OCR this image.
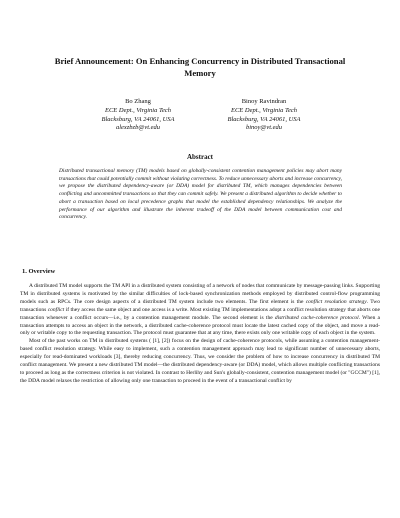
Brief Announcement: On Enhancing Concurrency in Distributed Transactional Memory
Bo Zhang
ECE Dept., Virginia Tech
Blacksburg, VA 24061, USA
alexzbzb@vt.edu
Binoy Ravindran
ECE Dept., Virginia Tech
Blacksburg, VA 24061, USA
binoy@vt.edu
Abstract
Distributed transactional memory (TM) models based on globally-consistent contention management policies may abort many transactions that could potentially commit without violating correctness. To reduce unnecessary aborts and increase concurrency, we propose the distributed dependency-aware (or DDA) model for distributed TM, which manages dependencies between conflicting and uncommitted transactions so that they can commit safely. We present a distributed algorithm to decide whether to abort a transaction based on local precedence graphs that model the established dependency relationships. We analyze the performance of our algorithm and illustrate the inherent tradeoff of the DDA model between communication cost and concurrency.
1. Overview

A distributed TM model supports the TM API in a distributed system consisting of a network of nodes that communicate by message-passing links. Supporting TM in distributed systems is motivated by the similar difficulties of lock-based synchronization methods employed by distributed control-flow programming models such as RPCs. The core design aspects of a distributed TM system include two elements. The first element is the conflict resolution strategy. Two transactions conflict if they access the same object and one access is a write. Most existing TM implementations adopt a conflict resolution strategy that aborts one transaction whenever a conflict occurs—i.e., by a contention management module. The second element is the distributed cache-coherence protocol. When a transaction attempts to access an object in the network, a distributed cache-coherence protocol must locate the latest cached copy of the object, and move a read-only or writable copy to the requesting transaction. The protocol must guarantee that at any time, there exists only one writable copy of each object in the system.

Most of the past works on TM in distributed systems ( [1], [2]) focus on the design of cache-coherence protocols, while assuming a contention management-based conflict resolution strategy. While easy to implement, such a contention management approach may lead to significant number of unnecessary aborts, especially for read-dominated workloads [3], thereby reducing concurrency. Thus, we consider the problem of how to increase concurrency in distributed TM conflict management. We present a new distributed TM model—the distributed dependency-aware (or DDA) model, which allows multiple conflicting transactions to proceed as long as the correctness criterion is not violated. In contrast to Herlihy and Sun's globally-consistent, contention management model (or "GCCM") [1], the DDA model relaxes the restriction of allowing only one transaction to proceed in the event of a transactional conflict by
